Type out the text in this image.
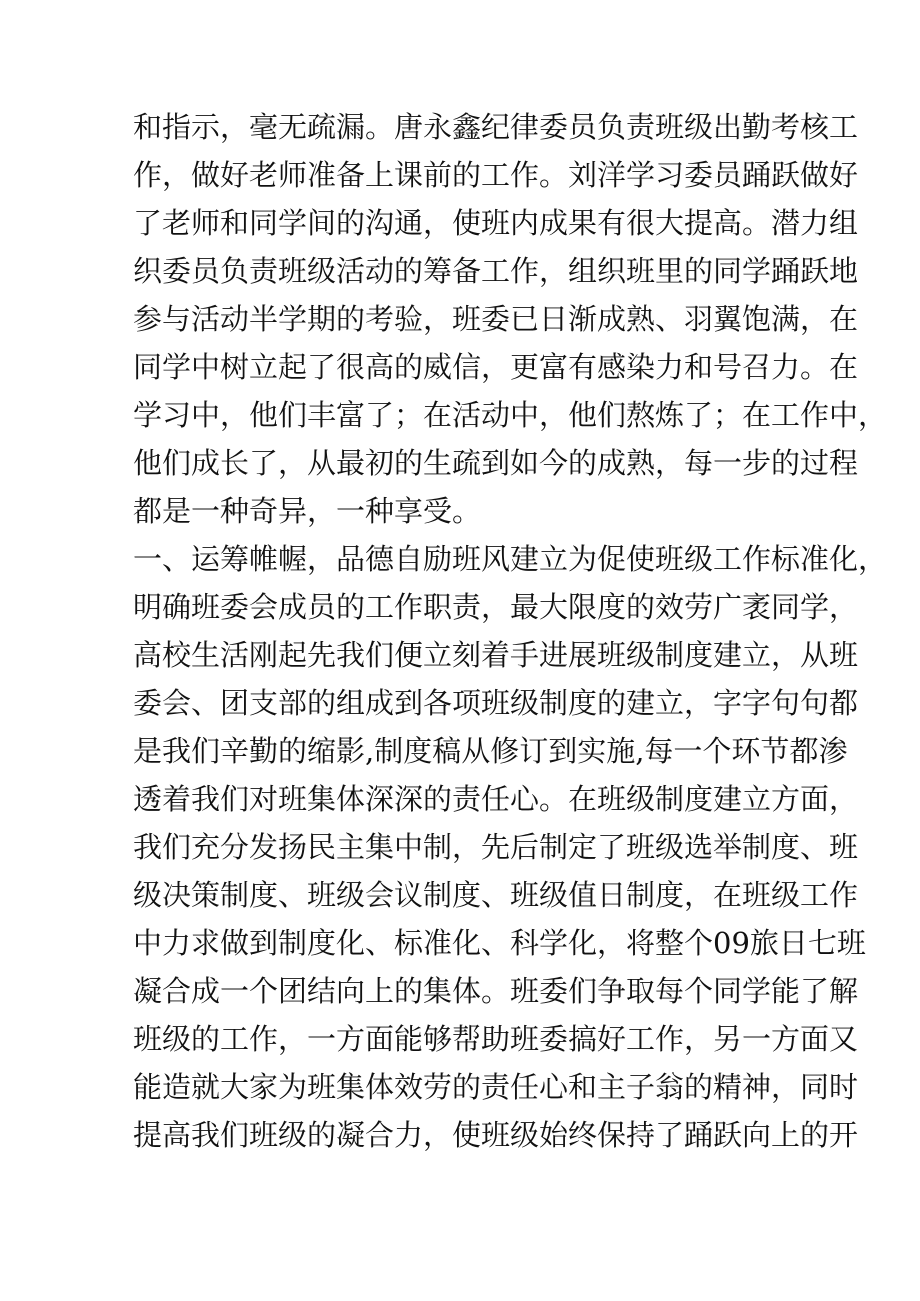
和指示，毫无疏漏。唐永鑫纪律委员负责班级出勤考核工
作，做好老师准备上课前的工作。刘洋学习委员踊跃做好
了老师和同学间的沟通，使班内成果有很大提高。潜力组
织委员负责班级活动的筹备工作，组织班里的同学踊跃地
参与活动半学期的考验，班委已日渐成熟、羽翼饱满，在
同学中树立起了很高的威信，更富有感染力和号召力。在
学习中，他们丰富了；在活动中，他们熬炼了；在工作中，
他们成长了，从最初的生疏到如今的成熟，每一步的过程
都是一种奇异，一种享受。
一、运筹帷幄，品德自励班风建立为促使班级工作标准化，
明确班委会成员的工作职责，最大限度的效劳广袤同学，
高校生活刚起先我们便立刻着手进展班级制度建立，从班
委会、团支部的组成到各项班级制度的建立，字字句句都
是我们辛勤的缩影,制度稿从修订到实施,每一个环节都渗
透着我们对班集体深深的责任心。在班级制度建立方面，
我们充分发扬民主集中制，先后制定了班级选举制度、班
级决策制度、班级会议制度、班级值日制度，在班级工作
中力求做到制度化、标准化、科学化，将整个09旅日七班
凝合成一个团结向上的集体。班委们争取每个同学能了解
班级的工作，一方面能够帮助班委搞好工作，另一方面又
能造就大家为班集体效劳的责任心和主子翁的精神，同时
提高我们班级的凝合力，使班级始终保持了踊跃向上的开
